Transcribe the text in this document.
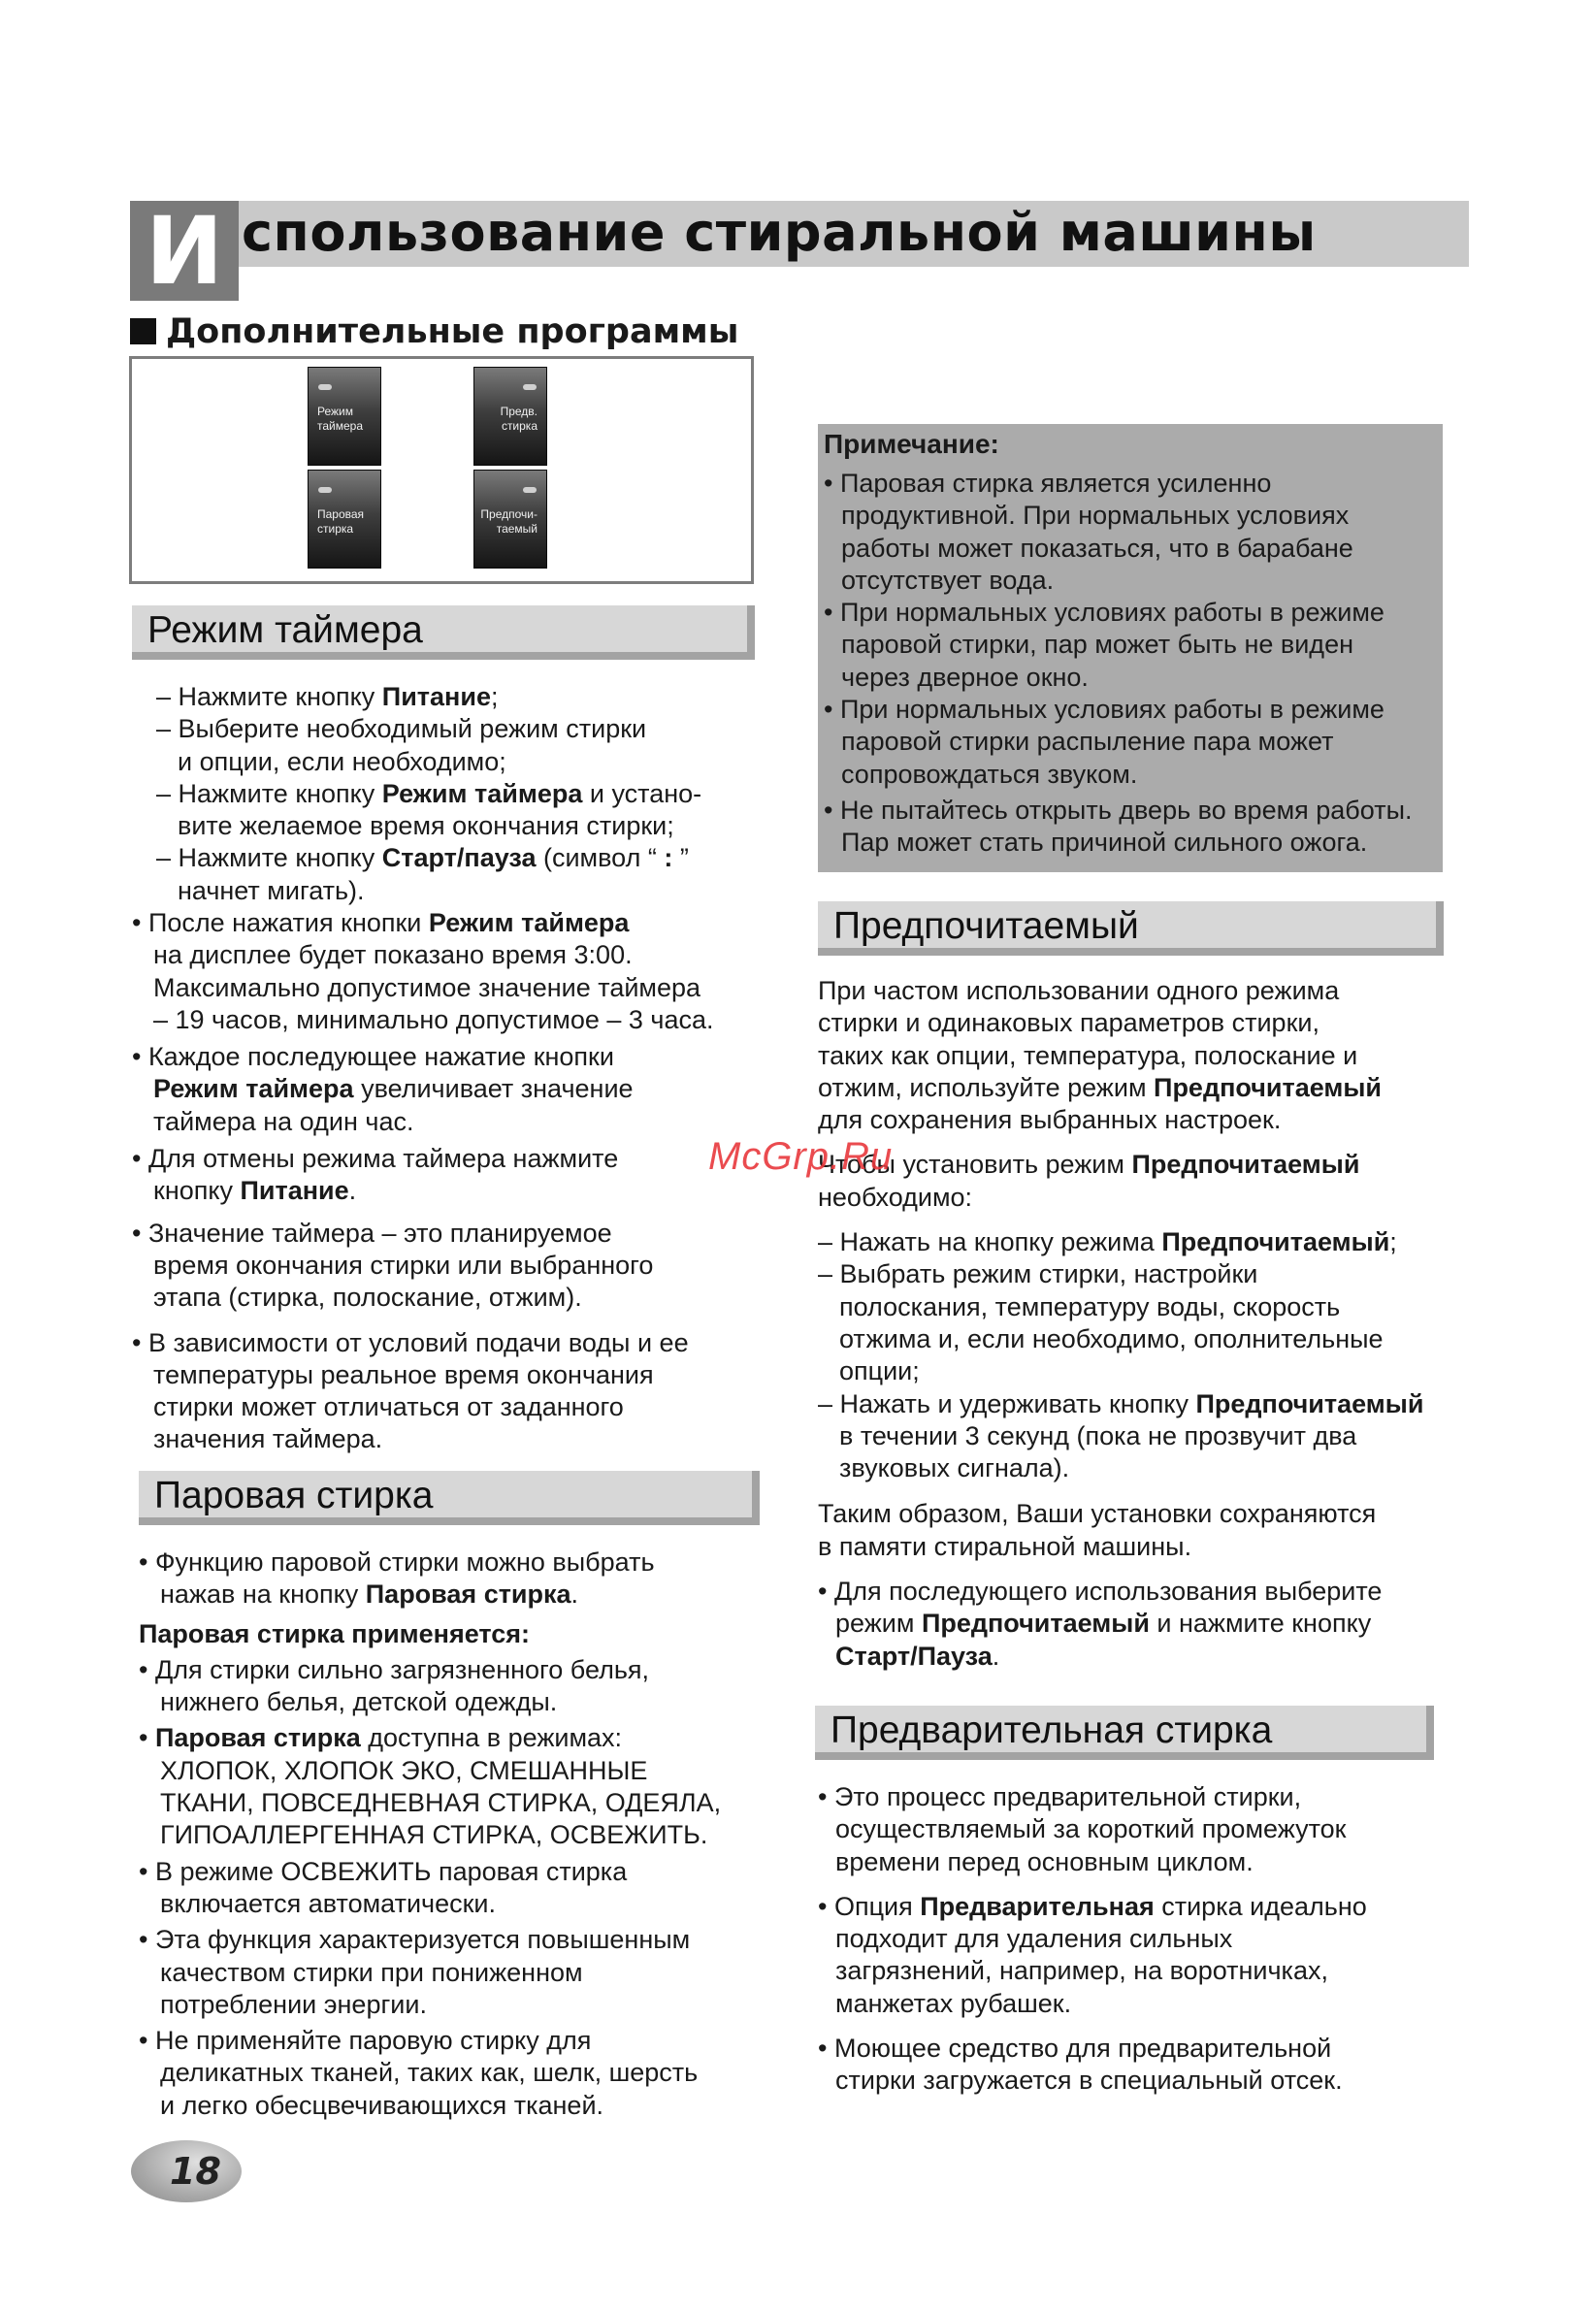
И спользование стиральной машины
Дополнительные программы
Режим
таймера
Паровая
стирка
Предв.
стирка
Предпочи-
таемый
Режим таймера
– Нажмите кнопку Питание;
– Выберите необходимый режим стирки
и опции, если необходимо;
– Нажмите кнопку Режим таймера и устано-
вите желаемое время окончания стирки;
– Нажмите кнопку Старт/пауза (символ “ : ”
начнет мигать).
• После нажатия кнопки Режим таймера
на дисплее будет показано время 3:00.
Максимально допустимое значение таймера
– 19 часов, минимально допустимое – 3 часа.
• Каждое последующее нажатие кнопки
Режим таймера увеличивает значение
таймера на один час.
• Для отмены режима таймера нажмите
кнопку Питание.
• Значение таймера – это планируемое
время окончания стирки или выбранного
этапа (стирка, полоскание, отжим).
• В зависимости от условий подачи воды и ее
температуры реальное время окончания
стирки может отличаться от заданного
значения таймера.
Паровая стирка
• Функцию паровой стирки можно выбрать
нажав на кнопку Паровая стирка.
Паровая стирка применяется:
• Для стирки сильно загрязненного белья,
нижнего белья, детской одежды.
• Паровая стирка доступна в режимах:
ХЛОПОК, ХЛОПОК ЭКО, СМЕШАННЫЕ
ТКАНИ, ПОВСЕДНЕВНАЯ СТИРКА, ОДЕЯЛА,
ГИПОАЛЛЕРГЕННАЯ СТИРКА, ОСВЕЖИТЬ.
• В режиме ОСВЕЖИТЬ паровая стирка
включается автоматически.
• Эта функция характеризуется повышенным
качеством стирки при пониженном
потреблении энергии.
• Не применяйте паровую стирку для
деликатных тканей, таких как, шелк, шерсть
и легко обесцвечивающихся тканей.
Примечание:
• Паровая стирка является усиленно
продуктивной. При нормальных условиях
работы может показаться, что в барабане
отсутствует вода.
• При нормальных условиях работы в режиме
паровой стирки, пар может быть не виден
через дверное окно.
• При нормальных условиях работы в режиме
паровой стирки распыление пара может
сопровождаться звуком.
• Не пытайтесь открыть дверь во время работы.
Пар может стать причиной сильного ожога.
Предпочитаемый
При частом использовании одного режима
стирки и одинаковых параметров стирки,
таких как опции, температура, полоскание и
отжим, используйте режим Предпочитаемый
для сохранения выбранных настроек.
Чтобы установить режим Предпочитаемый
необходимо:
– Нажать на кнопку режима Предпочитаемый;
– Выбрать режим стирки, настройки
полоскания, температуру воды, скорость
отжима и, если необходимо, ополнительные
опции;
– Нажать и удерживать кнопку Предпочитаемый
в течении 3 секунд (пока не прозвучит два
звуковых сигнала).
Таким образом, Ваши установки сохраняются
в памяти стиральной машины.
• Для последующего использования выберите
режим Предпочитаемый и нажмите кнопку
Старт/Пауза.
Предварительная стирка
• Это процесс предварительной стирки,
осуществляемый за короткий промежуток
времени перед основным циклом.
• Опция Предварительная стирка идеально
подходит для удаления сильных
загрязнений, например, на воротничках,
манжетах рубашек.
• Моющее средство для предварительной
стирки загружается в специальный отсек.
McGrp.Ru
18
